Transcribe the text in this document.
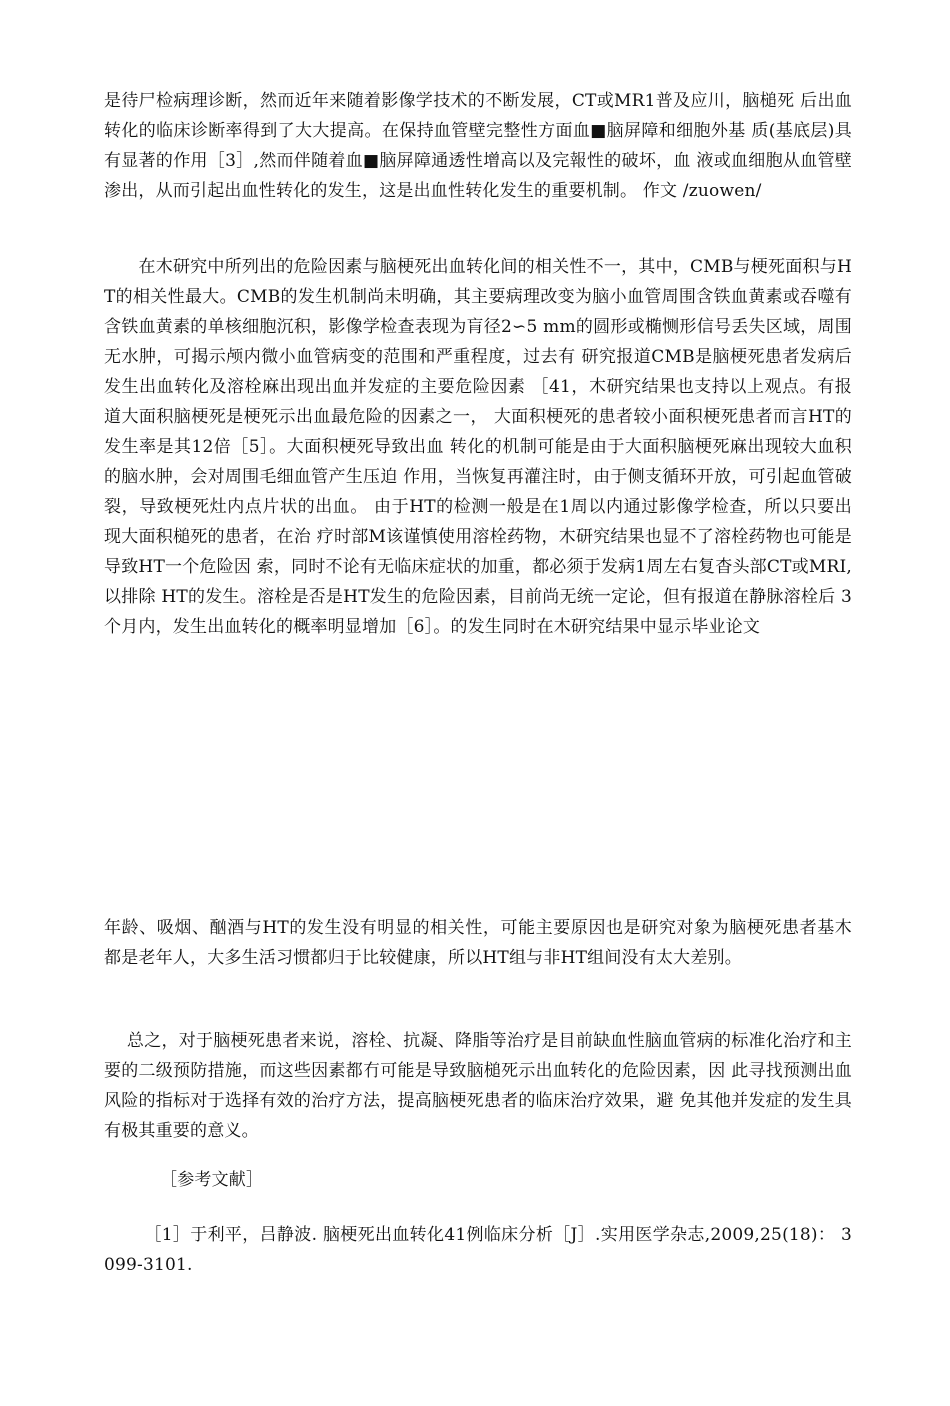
是待尸检病理诊断，然而近年来随着影像学技术的不断发展，CT或MR1普及应川，脑槌死 后出血转化的临床诊断率得到了大大提高。在保持血管壁完整性方面血■脑屏障和细胞外基 质(基底层)具有显著的作用［3］,然而伴随着血■脑屏障通透性增高以及完報性的破坏，血 液或血细胞从血管壁渗出，从而引起出血性转化的发生，这是出血性转化发生的重要机制。 作文 /zuowen/

　　在木研究中所列出的危险因素与脑梗死出血转化间的相关性不一，其中，CMB与梗死面积与HT的相关性最大。CMB的发生机制尚未明确，其主要病理改变为脑小血管周围含铁血黄素或吞噬有含铁血黄素的单核细胞沉积，影像学检查表现为肓径2∽5 mm的圆形或椭恻形信号丢失区域，周围无水肿，可揭示颅内微小血管病变的范围和严重程度，过去有 研究报道CMB是脑梗死患者发病后发生出血转化及溶栓麻出现出血并发症的主要危险因素 ［41，木研究结果也支持以上观点。有报道大面积脑梗死是梗死示出血最危险的因素之一， 大面积梗死的患者较小面积梗死患者而言HT的发生率是其12倍［5］。大面积梗死导致出血 转化的机制可能是由于大面积脑梗死麻出现较大血积的脑水肿，会对周围毛细血管产生压迫 作用，当恢复再灌注时，由于侧支循环开放，可引起血管破裂，导致梗死灶内点片状的出血。 由于HT的检测一般是在1周以内通过影像学检查，所以只要出现大面积槌死的患者，在治 疗时部M该谨慎使用溶栓药物，木研究结果也显不了溶栓药物也可能是导致HT一个危险因 索，同时不论有无临床症状的加重，都必须于发病1周左右复杳头部CT或MRI,以排除 HT的发生。溶栓是否是HT发生的危险因素，目前尚无统一定论，但有报道在静脉溶栓后 3个月内，发生出血转化的概率明显增加［6］。的发生同时在木研究结果中显示毕业论文

年龄、吸烟、酗酒与HT的发生没有明显的相关性，可能主要原因也是研究对象为脑梗死患者基木都是老年人，大多生活习惯都归于比较健康，所以HT组与非HT组间没有太大差别。

　 总之，对于脑梗死患者来说，溶栓、抗凝、降脂等治疗是目前缺血性脑血管病的标准化治疗和主要的二级预防措施，而这些因素都冇可能是导致脑槌死示出血转化的危险因素，因 此寻找预测出血风险的指标对于选择有效的治疗方法，提高脑梗死患者的临床治疗效果，避 免其他并发症的发生具有极其重要的意义。

［参考文献］

　　 ［1］于利平，吕静波. 脑梗死出血转化41例临床分析［J］.实用医学杂志,2009,25(18)： 3099-3101.
